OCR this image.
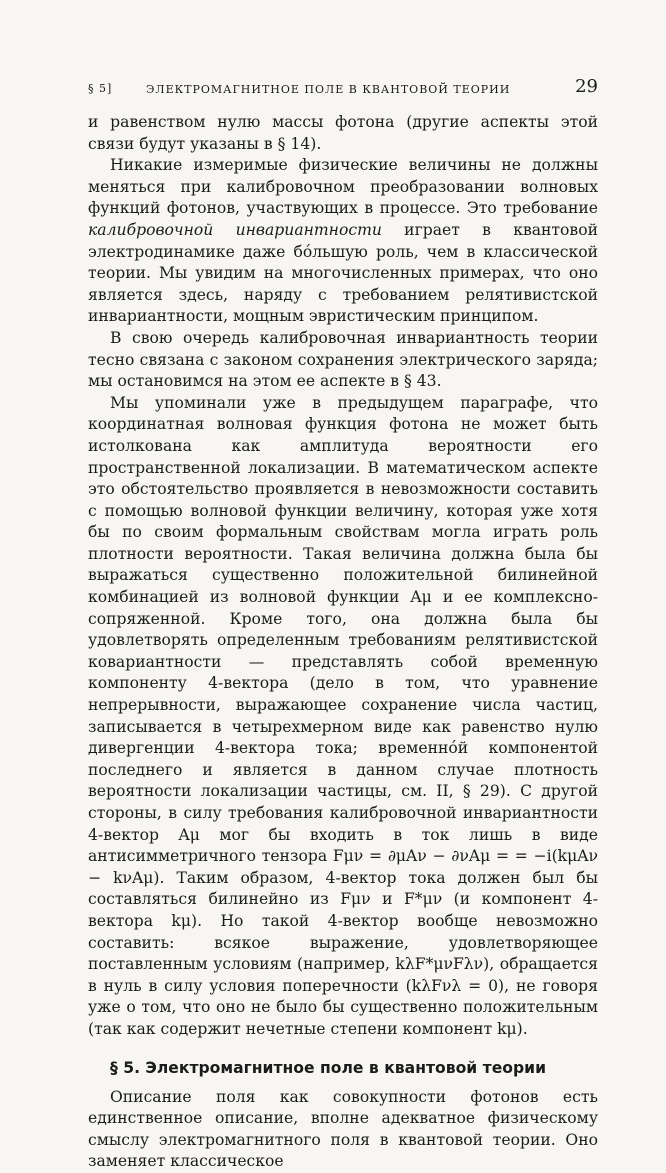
§ 5]	ЭЛЕКТРОМАГНИТНОЕ ПОЛЕ В КВАНТОВОЙ ТЕОРИИ	29

и равенством нулю массы фотона (другие аспекты этой связи будут указаны в § 14).

Никакие измеримые физические величины не должны меняться при калибровочном преобразовании волновых функций фотонов, участвующих в процессе. Это требование калибровочной инвариантности играет в квантовой электродинамике даже бо́льшую роль, чем в классической теории. Мы увидим на многочисленных примерах, что оно является здесь, наряду с требованием релятивистской инвариантности, мощным эвристическим принципом.

В свою очередь калибровочная инвариантность теории тесно связана с законом сохранения электрического заряда; мы остановимся на этом ее аспекте в § 43.

Мы упоминали уже в предыдущем параграфе, что координатная волновая функция фотона не может быть истолкована как амплитуда вероятности его пространственной локализации. В математическом аспекте это обстоятельство проявляется в невозможности составить с помощью волновой функции величину, которая уже хотя бы по своим формальным свойствам могла играть роль плотности вероятности. Такая величина должна была бы выражаться существенно положительной билинейной комбинацией из волновой функции Aμ и ее комплексно-сопряженной. Кроме того, она должна была бы удовлетворять определенным требованиям релятивистской ковариантности — представлять собой временную компоненту 4-вектора (дело в том, что уравнение непрерывности, выражающее сохранение числа частиц, записывается в четырехмерном виде как равенство нулю дивергенции 4-вектора тока; временно́й компонентой последнего и является в данном случае плотность вероятности локализации частицы, см. II, § 29). С другой стороны, в силу требования калибровочной инвариантности 4-вектор Aμ мог бы входить в ток лишь в виде антисимметричного тензора Fμν = ∂μAν − ∂νAμ = = −i(kμAν − kνAμ). Таким образом, 4-вектор тока должен был бы составляться билинейно из Fμν и F*μν (и компонент 4-вектора kμ). Но такой 4-вектор вообще невозможно составить: всякое выражение, удовлетворяющее поставленным условиям (например, kλF*μνFλν), обращается в нуль в силу условия поперечности (kλFνλ = 0), не говоря уже о том, что оно не было бы существенно положительным (так как содержит нечетные степени компонент kμ).

§ 5. Электромагнитное поле в квантовой теории

Описание поля как совокупности фотонов есть единственное описание, вполне адекватное физическому смыслу электромагнитного поля в квантовой теории. Оно заменяет классическое
